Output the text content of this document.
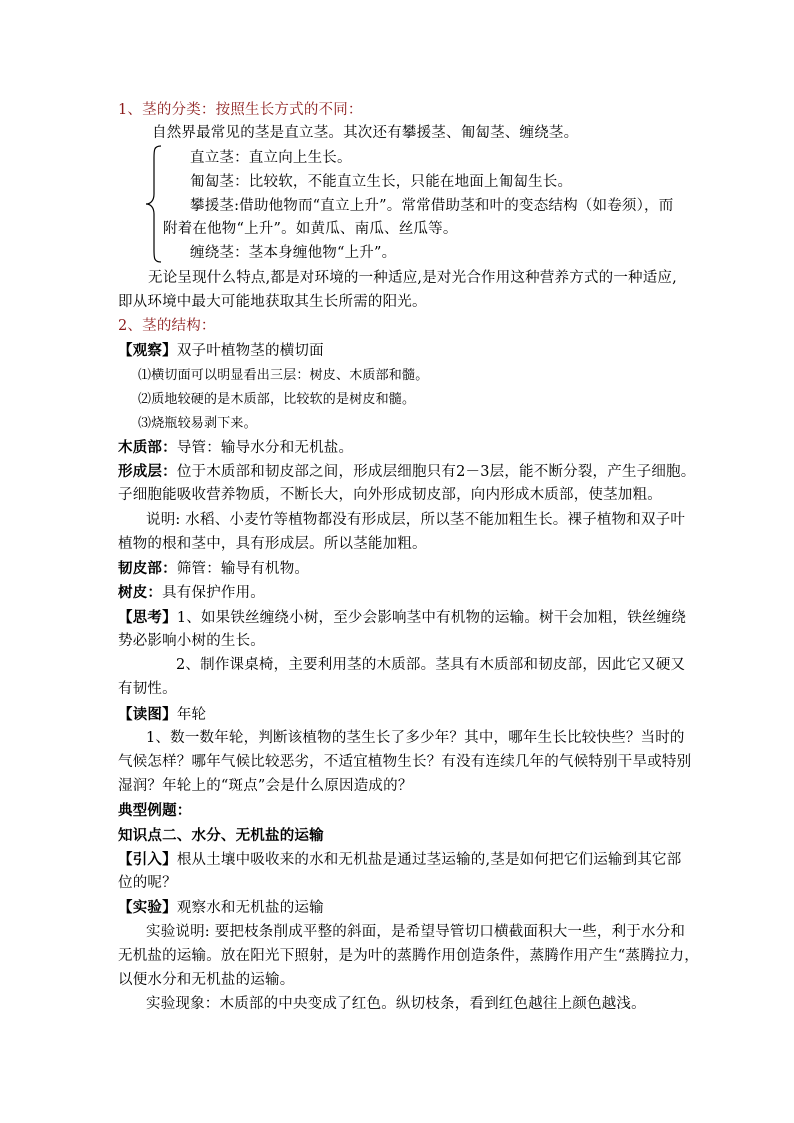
1、茎的分类：按照生长方式的不同：
自然界最常见的茎是直立茎。其次还有攀援茎、匍匐茎、缠绕茎。
直立茎：直立向上生长。
匍匐茎：比较软，不能直立生长，只能在地面上匍匐生长。
攀援茎:借助他物而“直立上升”。常常借助茎和叶的变态结构（如卷须），而
附着在他物“上升”。如黄瓜、南瓜、丝瓜等。
缠绕茎：茎本身缠他物“上升”。
无论呈现什么特点,都是对环境的一种适应,是对光合作用这种营养方式的一种适应,
即从环境中最大可能地获取其生长所需的阳光。
2、茎的结构：
【观察】双子叶植物茎的横切面
⑴横切面可以明显看出三层：树皮、木质部和髓。
⑵质地较硬的是木质部，比较软的是树皮和髓。
⑶烧瓶较易剥下来。
木质部：导管：输导水分和无机盐。
形成层：位于木质部和韧皮部之间，形成层细胞只有2－3层，能不断分裂，产生子细胞。
子细胞能吸收营养物质，不断长大，向外形成韧皮部，向内形成木质部，使茎加粗。
说明: 水稻、小麦竹等植物都没有形成层，所以茎不能加粗生长。裸子植物和双子叶
植物的根和茎中，具有形成层。所以茎能加粗。
韧皮部：筛管：输导有机物。
树皮：具有保护作用。
【思考】1、如果铁丝缠绕小树，至少会影响茎中有机物的运输。树干会加粗，铁丝缠绕
势必影响小树的生长。
2、制作课桌椅，主要利用茎的木质部。茎具有木质部和韧皮部，因此它又硬又
有韧性。
【读图】年轮
1、数一数年轮，判断该植物的茎生长了多少年？其中，哪年生长比较快些？当时的
气候怎样？哪年气候比较恶劣，不适宜植物生长？有没有连续几年的气候特别干旱或特别
湿润？年轮上的“斑点”会是什么原因造成的？
典型例题：
知识点二、水分、无机盐的运输
【引入】根从土壤中吸收来的水和无机盐是通过茎运输的,茎是如何把它们运输到其它部
位的呢？
【实验】观察水和无机盐的运输
实验说明: 要把枝条削成平整的斜面，是希望导管切口横截面积大一些，利于水分和
无机盐的运输。放在阳光下照射，是为叶的蒸腾作用创造条件，蒸腾作用产生“蒸腾拉力，
以便水分和无机盐的运输。
实验现象：木质部的中央变成了红色。纵切枝条，看到红色越往上颜色越浅。
